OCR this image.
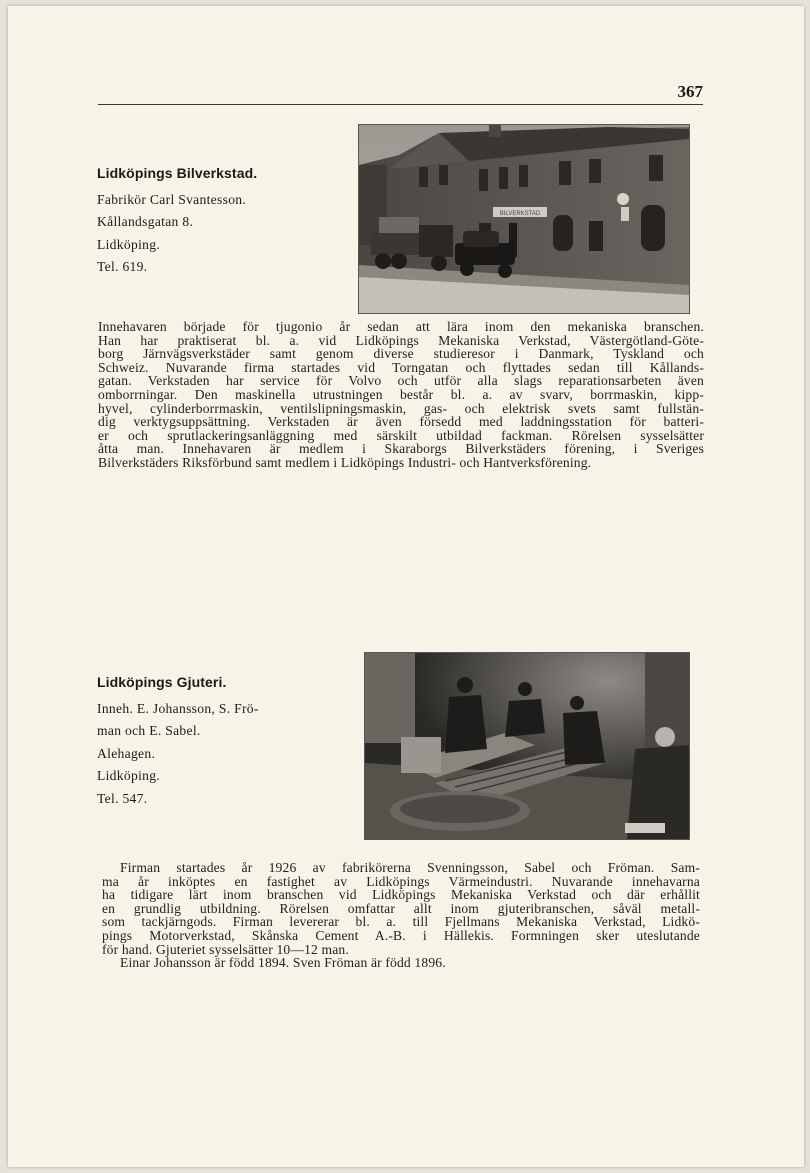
367
Lidköpings Bilverkstad.
Fabrikör Carl Svantesson.
Kållandsgatan 8.
Lidköping.
Tel. 619.
BILVERKSTAD
Innehavaren började för tjugonio år sedan att lära inom den mekaniska branschen.
Han har praktiserat bl. a. vid Lidköpings Mekaniska Verkstad, Västergötland-Göte-
borg Järnvägsverkstäder samt genom diverse studieresor i Danmark, Tyskland och
Schweiz. Nuvarande firma startades vid Torngatan och flyttades sedan till Kållands-
gatan. Verkstaden har service för Volvo och utför alla slags reparationsarbeten även
omborrningar. Den maskinella utrustningen består bl. a. av svarv, borrmaskin, kipp-
hyvel, cylinderborrmaskin, ventilslipningsmaskin, gas- och elektrisk svets samt fullstän-
dig verktygsuppsättning. Verkstaden är även försedd med laddningsstation för batteri-
er och sprutlackeringsanläggning med särskilt utbildad fackman. Rörelsen sysselsätter
åtta man. Innehavaren är medlem i Skaraborgs Bilverkstäders förening, i Sveriges
Bilverkstäders Riksförbund samt medlem i Lidköpings Industri- och Hantverksförening.
Lidköpings Gjuteri.
Inneh. E. Johansson, S. Frö-
man och E. Sabel.
Alehagen.
Lidköping.
Tel. 547.
Firman startades år 1926 av fabrikörerna Svenningsson, Sabel och Fröman. Sam-
ma år inköptes en fastighet av Lidköpings Värmeindustri. Nuvarande innehavarna
ha tidigare lärt inom branschen vid Lidköpings Mekaniska Verkstad och där erhållit
en grundlig utbildning. Rörelsen omfattar allt inom gjuteribranschen, såväl metall-
som tackjärngods. Firman levererar bl. a. till Fjellmans Mekaniska Verkstad, Lidkö-
pings Motorverkstad, Skånska Cement A.-B. i Hällekis. Formningen sker uteslutande
för hand. Gjuteriet sysselsätter 10—12 man.
Einar Johansson är född 1894. Sven Fröman är född 1896.
